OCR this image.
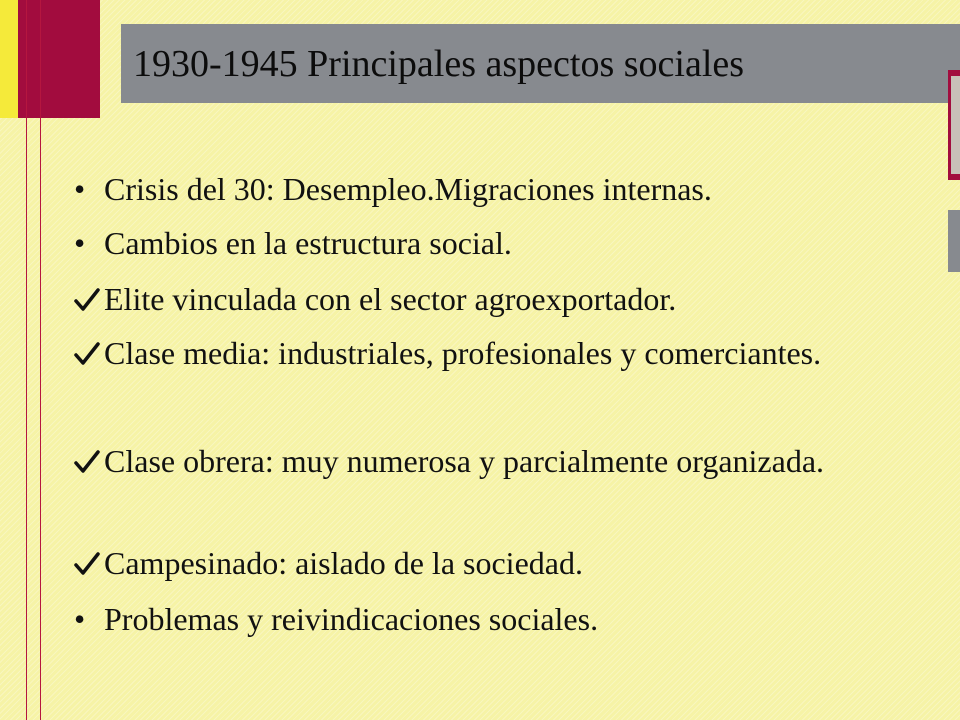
1930-1945 Principales aspectos sociales
• Crisis del 30: Desempleo.Migraciones internas.
• Cambios en la estructura social.
Elite vinculada con el sector agroexportador.
Clase media: industriales, profesionales y comerciantes.
Clase obrera: muy numerosa y parcialmente organizada.
Campesinado: aislado de la sociedad.
• Problemas y reivindicaciones sociales.
